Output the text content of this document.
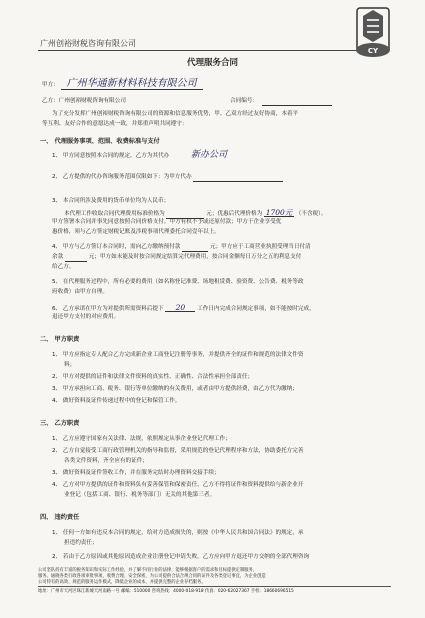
广州创裕财税咨询有限公司
CY
代理服务合同
甲方： 广州华通新材料科技有限公司
乙方：广州创裕财税咨询有限公司	合同编号：
为了充分发挥广州创裕财税咨询有限公司的资源和信息服务优势，甲、乙双方经过友好协商，本着平
等互利、友好合作的意愿达成一致，并郑重声明共同遵守：
一、 代理服务事项、范围、收费标准与支付
1、 甲方同意按照本合同的规定，乙方为其代办 新办公司
2、 乙方提供的代办咨询服务范围仅限如下：为甲方代办
3、 本合同所涉及费用的货币单位均为人民币；
本代理工作收取合同代理费用标准价格为	元；优惠后代理价格为 1700元 （不含税）。
甲方签署本合同并事先同意按照合同价格支付。甲方有权不予或还原付款；甲方于企业享受优
惠价格，须与乙方签定财税记账及涉税事项代理委托合同壹年以上。
4、 甲方与乙方签订本合同时，需向乙方缴纳预付款	元；甲方应于工商营业执照受理当日付清
余款	元；甲方如未能及时按合同规定结算完代理费用，按合同金额每日万分之五的利息支付
给乙方。
5、 在代理服务过程中，所有必要的费用（如名称登记准费、场地租赁费、验资费、公告费、税务等政
府收费）由甲方自理。
6、 乙方承诺在甲方为对提供所需资料后提下 20 工作日内完成合同规定事项，如不能按时完成，
退还甲方支付的对应费用。
二、 甲方职责
1、 甲方应指定专人配合乙方完成新企业工商登记注册等事务，并提供齐全的证件和规范的法律文件资
料；
2、 甲方对提供的证件和法律文件资料的真实性、正确性、合法性承担全部责任；
3、 甲方承担向工商、税务、银行等单位缴纳的有关费用，或者由甲方提供经费，由乙方代为缴纳；
4、 做好资料及证件传递过程中的登记和保管工作。
三、 乙方职责
1、 乙方应遵守国家有关法律、法规，依照规定从事企业登记代理工作；
2、 乙方自觉接受工商行政管理机关的指导和监督，采用规范的登记代理程序和方法，协助委托方完善
各类文件资料，齐全应有的证件；
3、 做好资料及证件签收工作，并在服务完结时办理资料交接手续；
4、 乙方对甲方提供的证件和资料负有妥善保管和保密责任，乙方不得将证件和资料提供给与新企业开
业登记（包括工商、银行、税务等部门）无关的其他第三者。
四、 违约责任
1、 任何一方如有违反本合同的规定，给对方造成损失的，则按《中华人民共和国合同法》的规定，承
担违约责任；
2、 若由于乙方原因或其他原因造成企业注册登记申请失败，乙方应向甲方退还甲方交纳的全部代理咨询
公司坚队持有丰富的税务知识和实际工作经验，并了解不同行业的法律，能够根据客户的需求和目标提供定制服务，
服务。通晓各类行政各项审批事项，收费合理、安全保密，为公司提供合法合规合同的证件及各类登记事宜，为企业创造
公司特有的高效、规范的服务运作模式，降低企业的成本，并提供完整的企业存档服务。
地址：广州市天河区珠江新城天河南路一号 邮编：510000 咨询热线：4000-018-918 传真：020-62027367 手机：18660696515
